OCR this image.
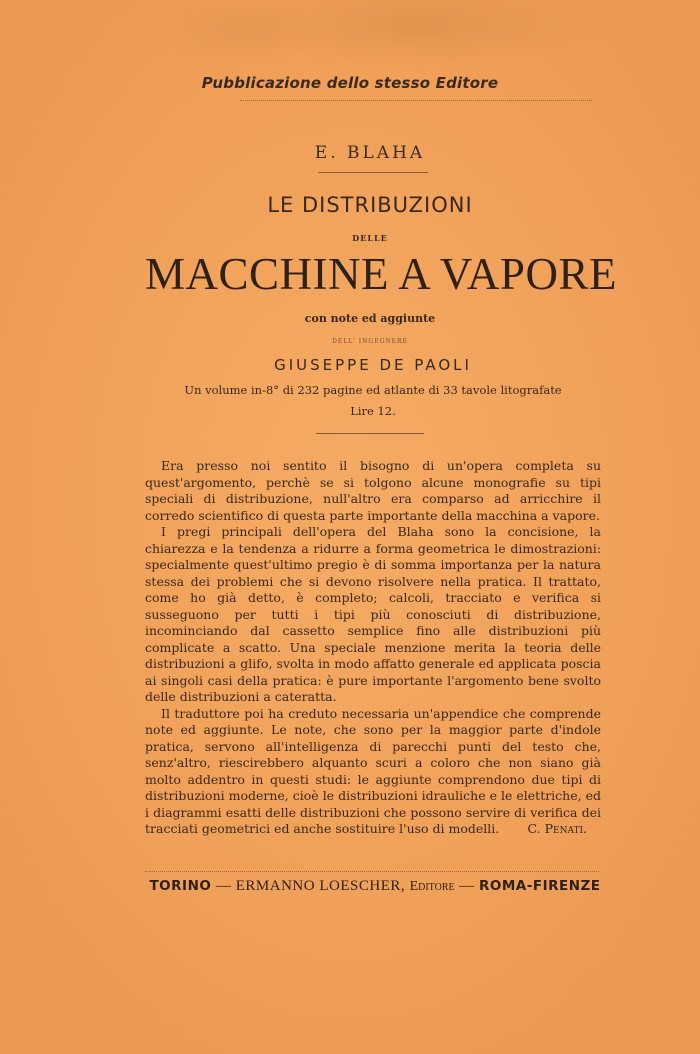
Pubblicazione dello stesso Editore
E. BLAHA
LE DISTRIBUZIONI
DELLE
MACCHINE A VAPORE
con note ed aggiunte
DELL' INGEGNERE
GIUSEPPE DE PAOLI
Un volume in-8° di 232 pagine ed atlante di 33 tavole litografate
Lire 12.

Era presso noi sentito il bisogno di un'opera completa su quest'argomento, perchè se si tolgono alcune monografie su tipi speciali di distribuzione, null'altro era comparso ad arricchire il corredo scientifico di questa parte importante della macchina a vapore.

I pregi principali dell'opera del Blaha sono la concisione, la chiarezza e la tendenza a ridurre a forma geometrica le dimostrazioni: specialmente quest'ultimo pregio è di somma importanza per la natura stessa dei problemi che si devono risolvere nella pratica. Il trattato, come ho già detto, è completo; calcoli, tracciato e verifica si susseguono per tutti i tipi più conosciuti di distribuzione, incominciando dal cassetto semplice fino alle distribuzioni più complicate a scatto. Una speciale menzione merita la teoria delle distribuzioni a glifo, svolta in modo affatto generale ed applicata poscia ai singoli casi della pratica: è pure importante l'argomento bene svolto delle distribuzioni a cateratta.

Il traduttore poi ha creduto necessaria un'appendice che comprende note ed aggiunte. Le note, che sono per la maggior parte d'indole pratica, servono all'intelligenza di parecchi punti del testo che, senz'altro, riescirebbero alquanto scuri a coloro che non siano già molto addentro in questi studi: le aggiunte comprendono due tipi di distribuzioni moderne, cioè le distribuzioni idrauliche e le elettriche, ed i diagrammi esatti delle distribuzioni che possono servire di verifica dei tracciati geometrici ed anche sostituire l'uso di modelli.	C. Penati.

TORINO — ERMANNO LOESCHER, Editore — ROMA-FIRENZE
